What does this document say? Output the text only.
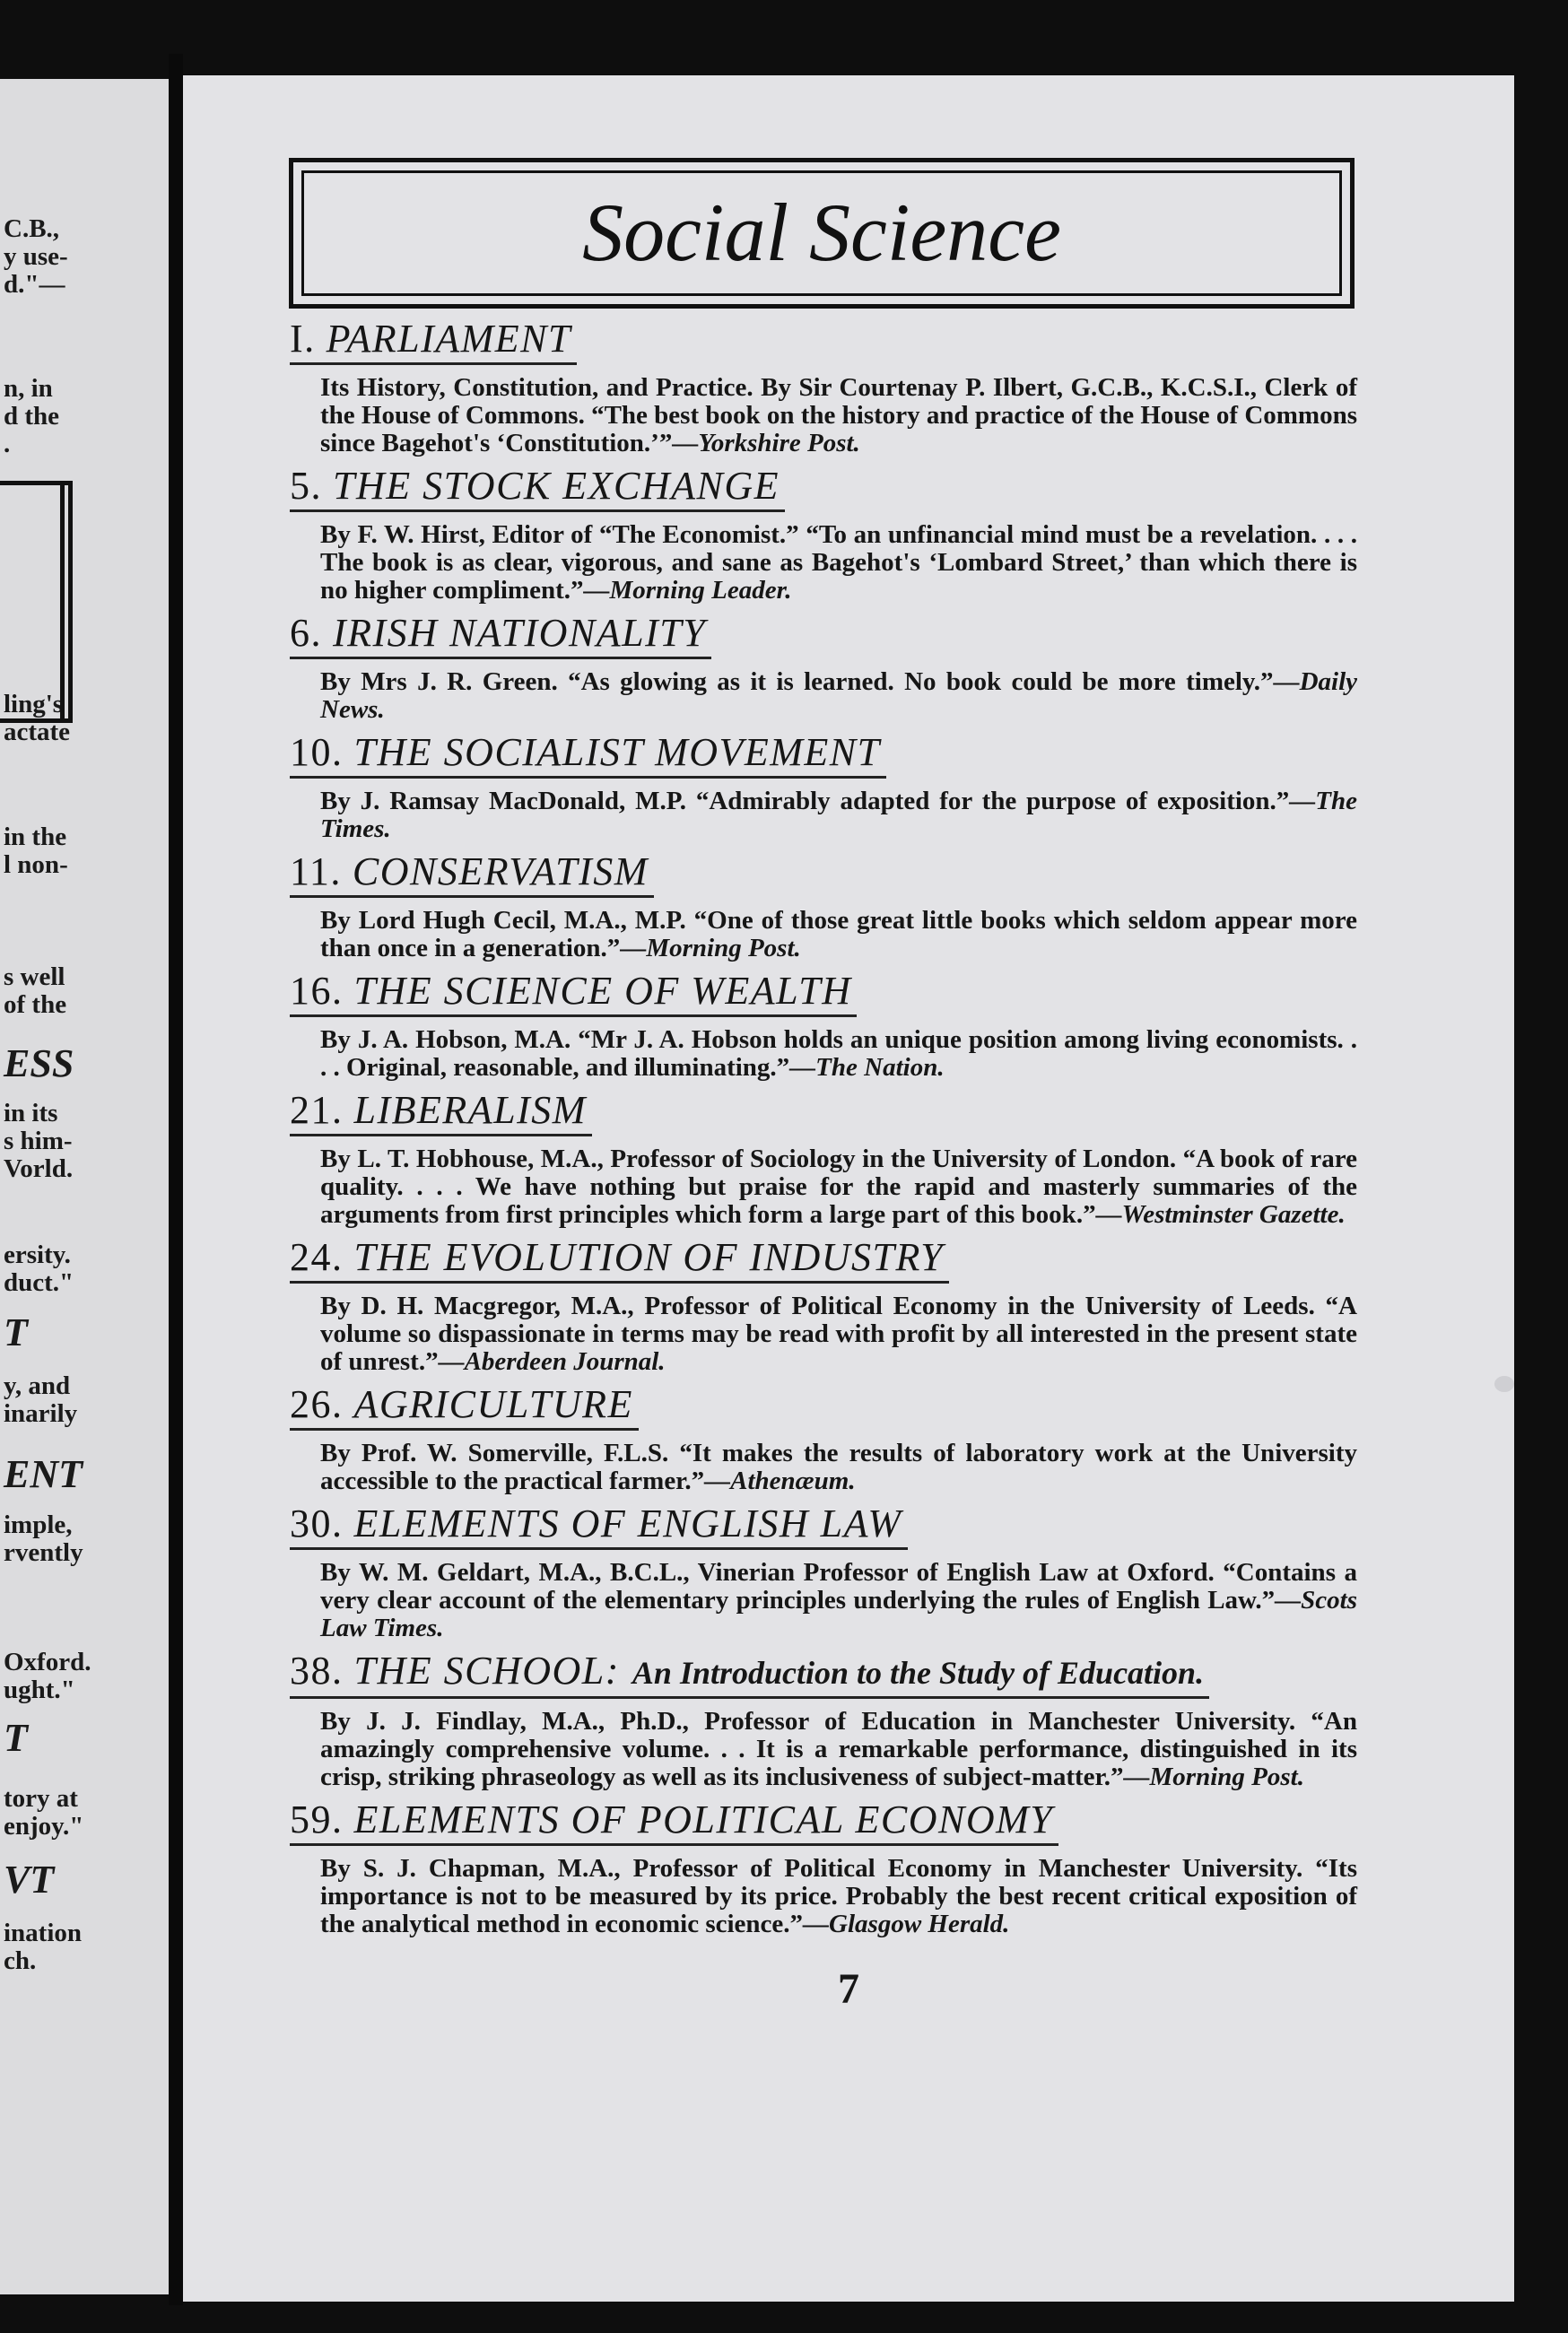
C.B.,
y use-
d."—
n, in
d the
.
ling's
actate
in the
l non-
s well
of the
ESS
in its
s him-
Vorld.
ersity.
duct."
T
y, and
inarily
ENT
imple,
rvently
Oxford.
ught."
T
tory at
enjoy."
VT
ination
ch.
Social Science
I. PARLIAMENT
Its History, Constitution, and Practice. By Sir Courtenay P. Ilbert, G.C.B., K.C.S.I., Clerk of the House of Commons. “The best book on the history and practice of the House of Commons since Bagehot's ‘Constitution.’”—Yorkshire Post.
5. THE STOCK EXCHANGE
By F. W. Hirst, Editor of “The Economist.” “To an unfinancial mind must be a revelation. . . . The book is as clear, vigorous, and sane as Bagehot's ‘Lombard Street,’ than which there is no higher compliment.”—Morning Leader.
6. IRISH NATIONALITY
By Mrs J. R. Green. “As glowing as it is learned. No book could be more timely.”—Daily News.
10. THE SOCIALIST MOVEMENT
By J. Ramsay MacDonald, M.P. “Admirably adapted for the purpose of exposition.”—The Times.
11. CONSERVATISM
By Lord Hugh Cecil, M.A., M.P. “One of those great little books which seldom appear more than once in a generation.”—Morning Post.
16. THE SCIENCE OF WEALTH
By J. A. Hobson, M.A. “Mr J. A. Hobson holds an unique position among living economists. . . . Original, reasonable, and illuminating.”—The Nation.
21. LIBERALISM
By L. T. Hobhouse, M.A., Professor of Sociology in the University of London. “A book of rare quality. . . . We have nothing but praise for the rapid and masterly summaries of the arguments from first principles which form a large part of this book.”—Westminster Gazette.
24. THE EVOLUTION OF INDUSTRY
By D. H. Macgregor, M.A., Professor of Political Economy in the University of Leeds. “A volume so dispassionate in terms may be read with profit by all interested in the present state of unrest.”—Aberdeen Journal.
26. AGRICULTURE
By Prof. W. Somerville, F.L.S. “It makes the results of laboratory work at the University accessible to the practical farmer.”—Athenæum.
30. ELEMENTS OF ENGLISH LAW
By W. M. Geldart, M.A., B.C.L., Vinerian Professor of English Law at Oxford. “Contains a very clear account of the elementary principles underlying the rules of English Law.”—Scots Law Times.
38. THE SCHOOL: An Introduction to the Study of Education.
By J. J. Findlay, M.A., Ph.D., Professor of Education in Manchester University. “An amazingly comprehensive volume. . . It is a remarkable performance, distinguished in its crisp, striking phraseology as well as its inclusiveness of subject-matter.”—Morning Post.
59. ELEMENTS OF POLITICAL ECONOMY
By S. J. Chapman, M.A., Professor of Political Economy in Manchester University. “Its importance is not to be measured by its price. Probably the best recent critical exposition of the analytical method in economic science.”—Glasgow Herald.
7
